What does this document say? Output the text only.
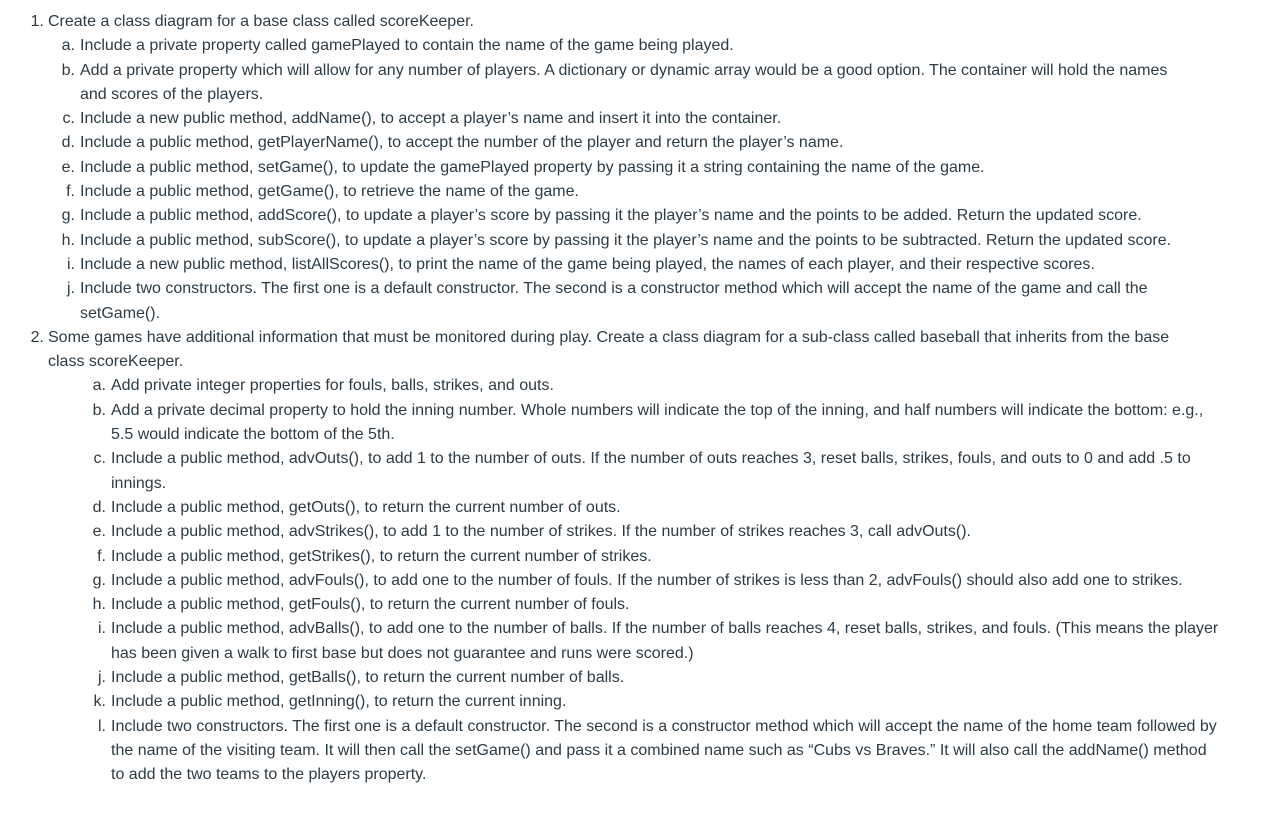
1. Create a class diagram for a base class called scoreKeeper.
a. Include a private property called gamePlayed to contain the name of the game being played.
b. Add a private property which will allow for any number of players. A dictionary or dynamic array would be a good option. The container will hold the names and scores of the players.
c. Include a new public method, addName(), to accept a player’s name and insert it into the container.
d. Include a public method, getPlayerName(), to accept the number of the player and return the player’s name.
e. Include a public method, setGame(), to update the gamePlayed property by passing it a string containing the name of the game.
f. Include a public method, getGame(), to retrieve the name of the game.
g. Include a public method, addScore(), to update a player’s score by passing it the player’s name and the points to be added. Return the updated score.
h. Include a public method, subScore(), to update a player’s score by passing it the player’s name and the points to be subtracted. Return the updated score.
i. Include a new public method, listAllScores(), to print the name of the game being played, the names of each player, and their respective scores.
j. Include two constructors. The first one is a default constructor. The second is a constructor method which will accept the name of the game and call the setGame().
2. Some games have additional information that must be monitored during play. Create a class diagram for a sub-class called baseball that inherits from the base class scoreKeeper.
a. Add private integer properties for fouls, balls, strikes, and outs.
b. Add a private decimal property to hold the inning number. Whole numbers will indicate the top of the inning, and half numbers will indicate the bottom: e.g., 5.5 would indicate the bottom of the 5th.
c. Include a public method, advOuts(), to add 1 to the number of outs. If the number of outs reaches 3, reset balls, strikes, fouls, and outs to 0 and add .5 to innings.
d. Include a public method, getOuts(), to return the current number of outs.
e. Include a public method, advStrikes(), to add 1 to the number of strikes. If the number of strikes reaches 3, call advOuts().
f. Include a public method, getStrikes(), to return the current number of strikes.
g. Include a public method, advFouls(), to add one to the number of fouls. If the number of strikes is less than 2, advFouls() should also add one to strikes.
h. Include a public method, getFouls(), to return the current number of fouls.
i. Include a public method, advBalls(), to add one to the number of balls. If the number of balls reaches 4, reset balls, strikes, and fouls. (This means the player has been given a walk to first base but does not guarantee and runs were scored.)
j. Include a public method, getBalls(), to return the current number of balls.
k. Include a public method, getInning(), to return the current inning.
l. Include two constructors. The first one is a default constructor. The second is a constructor method which will accept the name of the home team followed by the name of the visiting team. It will then call the setGame() and pass it a combined name such as “Cubs vs Braves.” It will also call the addName() method to add the two teams to the players property.
